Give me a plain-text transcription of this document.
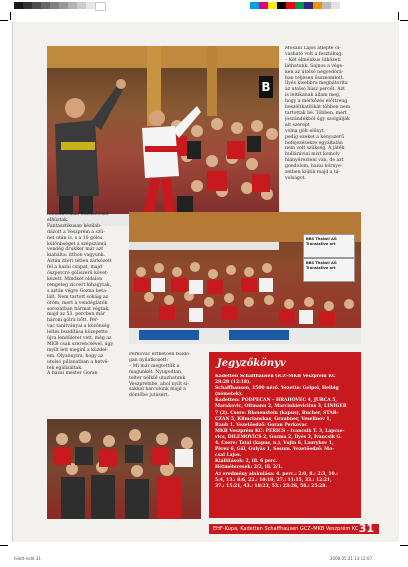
B
Mosani Lajos átlépte öl-
vasható volt a fesztáltsg:
– Két élménkus ütközeti
láthatunk. Sajnos a vége-
ken az utolsó negyedórá-
ban teljesen összeomlott.
Ilyés kisebbra megbátoríta
az utolsó húsz percét. Azt
is leitíkanak állam meg,
hogy a mérkőzés előttreng
beszéltkatítikát többen nem
tartottak be. Többen, mert
jószándékból úgy szolgálják
alt szerept
volna gólt előnyt,
pedig ezeket a kényszerű
befejezésekre egyáltalán
nem volt szükség. A játék
bulláráviai mixt komoly
hiányérezteni van, de azt
gondolom, hazai környe-
zetben kiütik majd a tá-
volságot.
támadásokkal fokozatosan
elhúztak.
Fantasztikusan kézilab-
dázott a Veszprém a szü-
net után is, s a 10 gólos
különbséget a szépszámú
vendég drukker már azt
kiabálta: itthon vagyunk.
Aztán itteri tétlen zárkózott
fel a hazai csapat, majd
őszpercre góliszerű követ-
kezett. Mindkét oldalon
rengeteg ziccert kihagytak,
s aztán végre Gozna beta-
lált. Nem tartott sokáig az
öröm, mert a vendéglátók
sorozatban hármat végtak,
majd az 53. percben már
három gólra nőtt. Per-
vac tanítványai a közönség
leltes buzdítása közepette
újra lendületet vett, még az
MKB csak szerencsével, úgy
myílt lett meginl a küzdel-
em. Olyannyira, hogy az
utolsó pillanatban a hetvé-
tek egálizáltak.
A hazai mester Goran
BBS Thalwil AG
Translative art
BBS Thalwil AG
Translative art
Perkovac érthetően boldo-
gan nyilatkozott:
– Mi már megtettük a
magunkét. Nyugodtan,
telter nélkül utazhatunk
Veszprémbe, ahol nyílt si-
sakkal harcolunk majd a
döntőbe jutásért.
Jegyzőkönyv
Kadetten Schaffhausen GCZ–MKB Veszprém KC
28:28 (12:18).
Schaffhausen, 1500 néző. Vezette: Geipel, Helbig
(németek).
Kadetten: PODPECAN – HRAHOVEC 4, JURCA 5,
Marakovic, Oltmann 2, Marcinkieviciius 3, LINIGER
7 (2). Csere: Blauenstein (kapus), Bucher, STAR-
CZAN 5, Klimcianskas, Graubner, Veselinov 1,
Rauh 1. Vezetőedző: Goran Perkovac
MKB Veszprém KC: PERICS – Ivancsik T. 3, Lapcse-
vics, DILEMOVICS 2, Gozma 2, Ilyés 3, Ivancsik G.
4. Csere: Tatai (kapus, n.), Vujin 6, Laurykov 1,
Pérez 6, Gál, Gulyás 1, Sesum. Vezetőedző: Mo-
csai Lajos.
Kiállítások: 2, ill. 6 perc.
Hétméteresek: 2/2, ill. 2/1.
Az eredmény alakulása: 4. perc.: 2:0, 8.: 2:3, 10.:
5:4, 13.: 8:6, 22.: 10:10, 27.: 11:15, 33.: 12:21,
37.: 15:21, 43.: 18:23, 53.: 23:26, 56.: 25:28.
EHF-Kupa, Kadetten Schaffhausen GCZ–MKB Veszprém KC 31
hiddt-indd 31	2008.05.21 13:12:07
